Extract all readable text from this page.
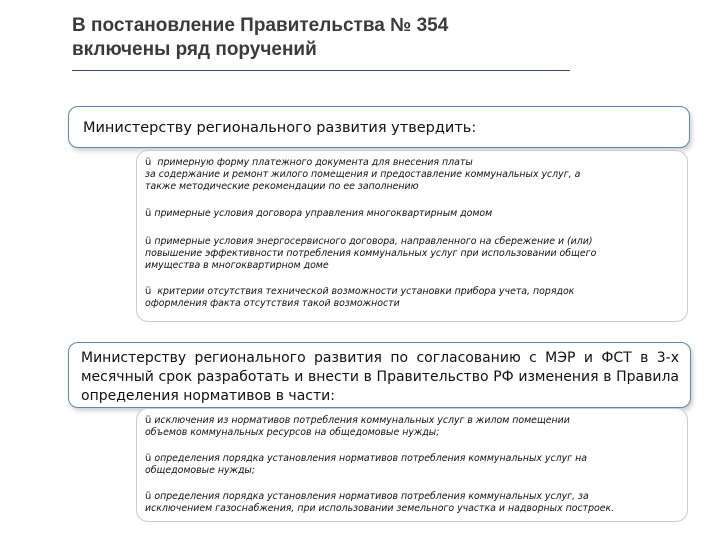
В постановление Правительства № 354
включены ряд поручений
Министерству регионального развития утвердить:
ü примерную форму платежного документа для внесения платы
за содержание и ремонт жилого помещения и предоставление коммунальных услуг, а
также методические рекомендации по ее заполнению
ü примерные условия договора управления многоквартирным домом
ü примерные условия энергосервисного договора, направленного на сбережение и (или)
повышение эффективности потребления коммунальных услуг при использовании общего
имущества в многоквартирном доме
ü критерии отсутствия технической возможности установки прибора учета, порядок
оформления факта отсутствия такой возможности
Министерству регионального развития по согласованию с МЭР и ФСТ в 3-х месячный срок разработать и внести в Правительство РФ изменения в Правила определения нормативов в части:
ü исключения из нормативов потребления коммунальных услуг в жилом помещении
объемов коммунальных ресурсов на общедомовые нужды;
ü определения порядка установления нормативов потребления коммунальных услуг на
общедомовые нужды;
ü определения порядка установления нормативов потребления коммунальных услуг, за
исключением газоснабжения, при использовании земельного участка и надворных построек.
